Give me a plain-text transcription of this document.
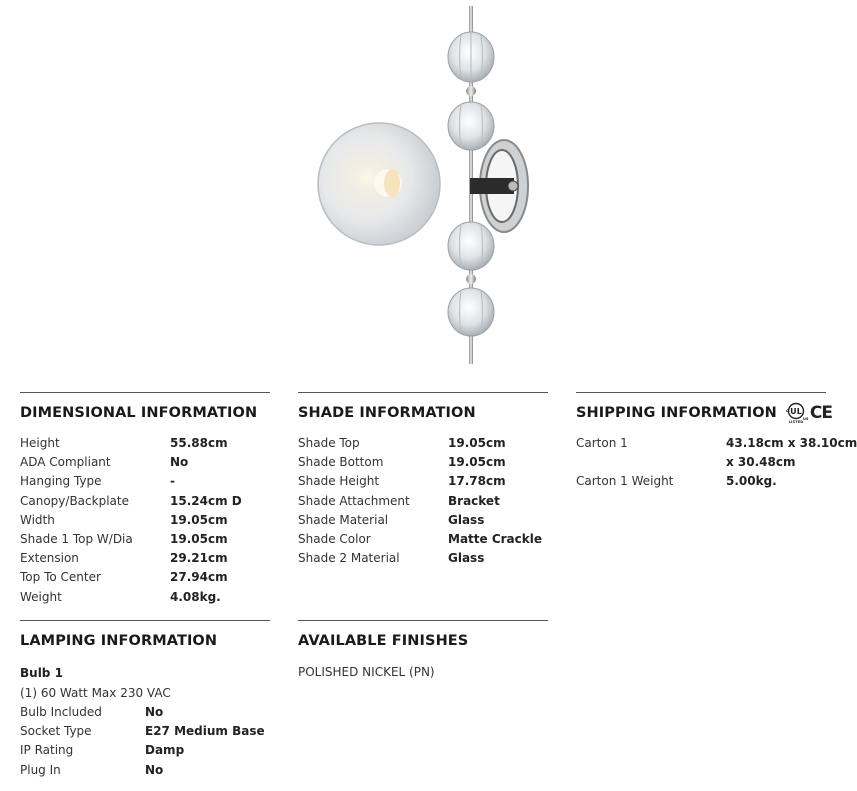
DIMENSIONAL INFORMATION
Height	55.88cm
ADA Compliant	No
Hanging Type	-
Canopy/Backplate	15.24cm D
Width	19.05cm
Shade 1 Top W/Dia	19.05cm
Extension	29.21cm
Top To Center	27.94cm
Weight	4.08kg.
SHADE INFORMATION
Shade Top	19.05cm
Shade Bottom	19.05cm
Shade Height	17.78cm
Shade Attachment	Bracket
Shade Material	Glass
Shade Color	Matte Crackle
Shade 2 Material	Glass
SHIPPING INFORMATION UL
LISTED
c
us CE
Carton 1	43.18cm x 38.10cm
x 30.48cm
Carton 1 Weight	5.00kg.
LAMPING INFORMATION
Bulb 1
(1) 60 Watt Max 230 VAC
Bulb Included	No
Socket Type	E27 Medium Base
IP Rating	Damp
Plug In	No
AVAILABLE FINISHES
POLISHED NICKEL (PN)
